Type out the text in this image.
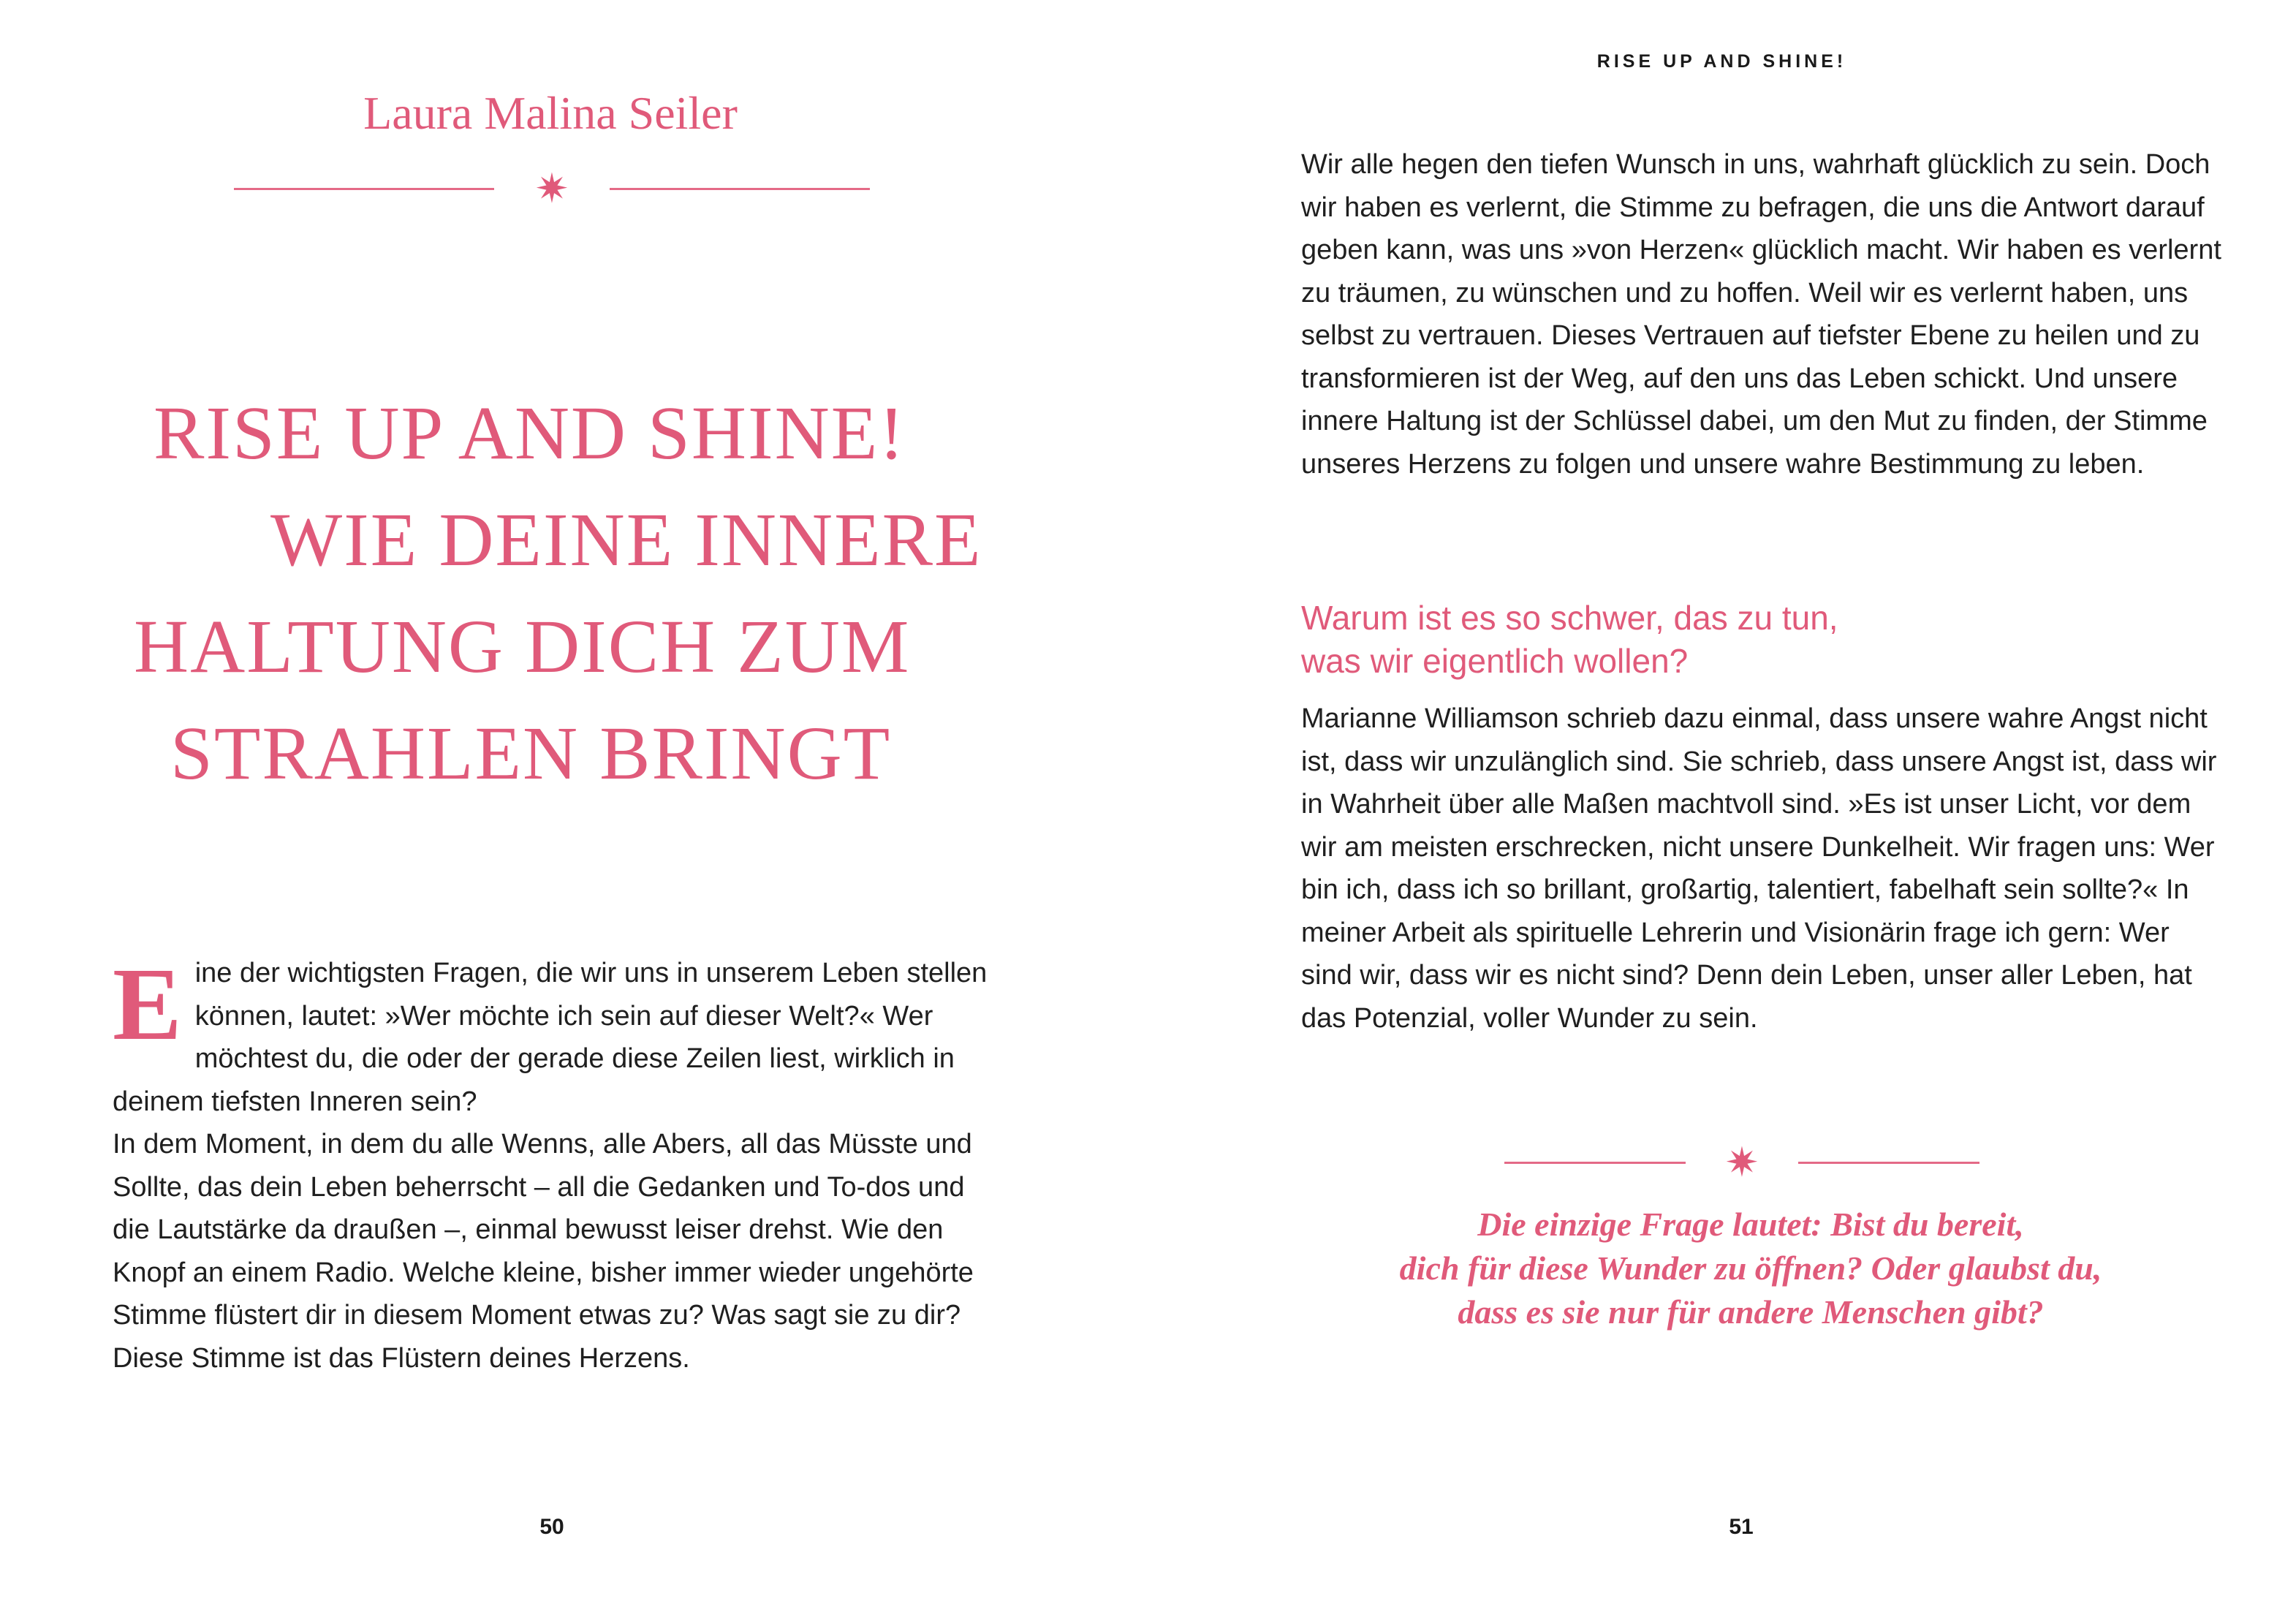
Laura Malina Seiler
✷
RISE UP AND SHINE!
WIE DEINE INNERE
HALTUNG DICH ZUM
STRAHLEN BRINGT
E ine der wichtigsten Fragen, die wir uns in unserem Leben stellen können, lautet: »Wer möchte ich sein auf dieser Welt?« Wer möchtest du, die oder der gerade diese Zeilen liest, wirklich in deinem tiefsten Inneren sein?

In dem Moment, in dem du alle Wenns, alle Abers, all das Müsste und Sollte, das dein Leben beherrscht – all die Gedanken und To-dos und die Lautstärke da draußen –, einmal bewusst leiser drehst. Wie den Knopf an einem Radio. Welche kleine, bisher immer wieder ungehörte Stimme flüstert dir in diesem Moment etwas zu? Was sagt sie zu dir? Diese Stimme ist das Flüstern deines Herzens.

50
RISE UP AND SHINE!
51

Wir alle hegen den tiefen Wunsch in uns, wahrhaft glücklich zu sein. Doch wir haben es verlernt, die Stimme zu befragen, die uns die Antwort darauf geben kann, was uns »von Herzen« glücklich macht. Wir haben es verlernt zu träumen, zu wünschen und zu hoffen. Weil wir es verlernt haben, uns selbst zu vertrauen. Dieses Vertrauen auf tiefster Ebene zu heilen und zu transformieren ist der Weg, auf den uns das Leben schickt. Und unsere innere Haltung ist der Schlüssel dabei, um den Mut zu finden, der Stimme unseres Herzens zu folgen und unsere wahre Bestimmung zu leben.

Warum ist es so schwer, das zu tun,
was wir eigentlich wollen?

Marianne Williamson schrieb dazu einmal, dass unsere wahre Angst nicht ist, dass wir unzulänglich sind. Sie schrieb, dass unsere Angst ist, dass wir in Wahrheit über alle Maßen machtvoll sind. »Es ist unser Licht, vor dem wir am meisten erschrecken, nicht unsere Dunkelheit. Wir fragen uns: Wer bin ich, dass ich so brillant, großartig, talentiert, fabelhaft sein sollte?« In meiner Arbeit als spirituelle Lehrerin und Visionärin frage ich gern: Wer sind wir, dass wir es nicht sind? Denn dein Leben, unser aller Leben, hat das Potenzial, voller Wunder zu sein.

✷

Die einzige Frage lautet: Bist du bereit,
dich für diese Wunder zu öffnen? Oder glaubst du,
dass es sie nur für andere Menschen gibt?
